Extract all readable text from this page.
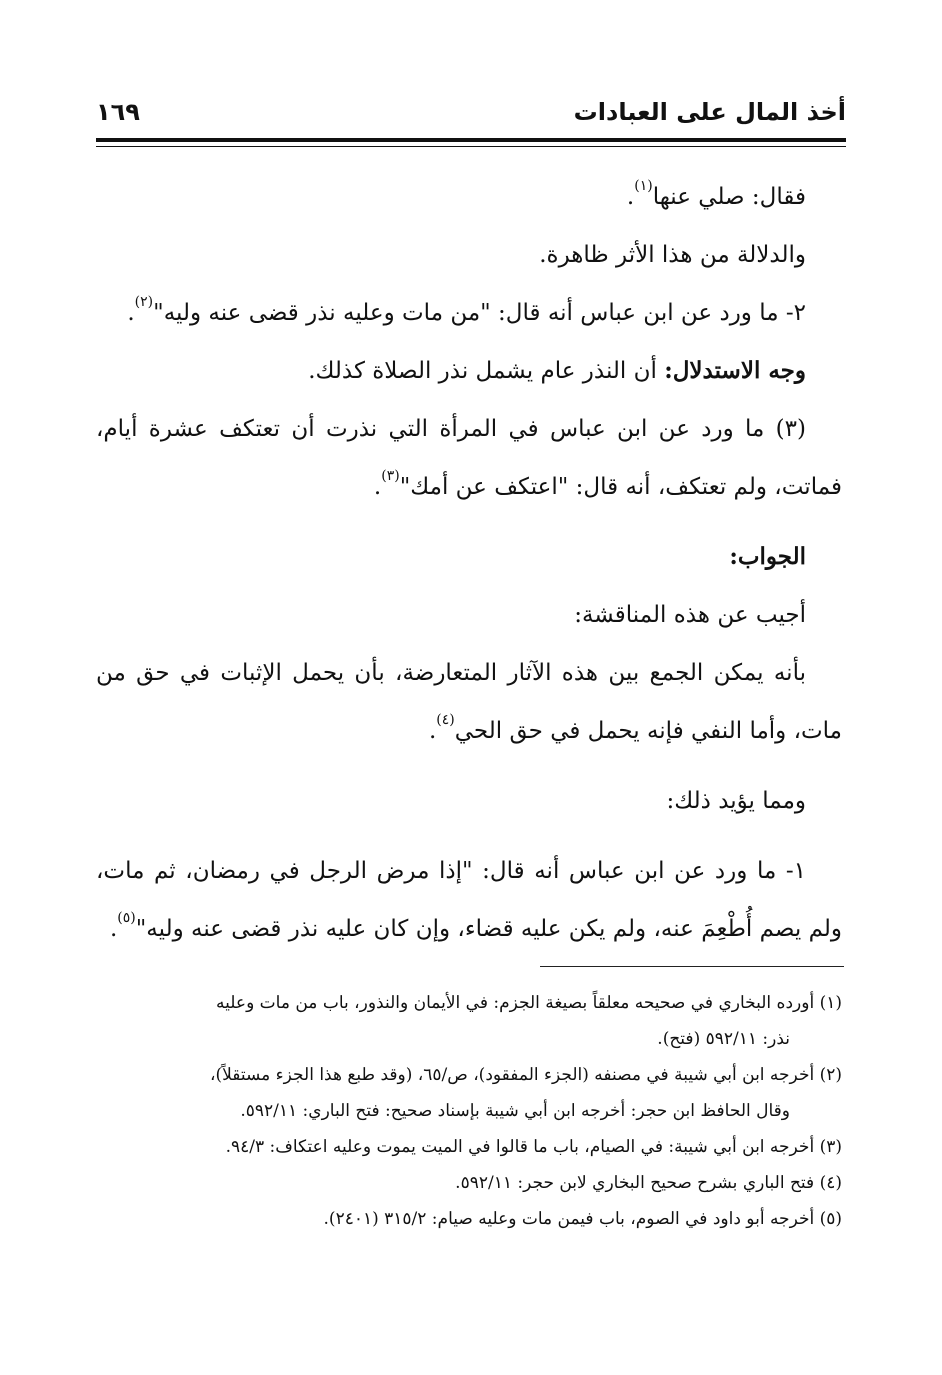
أخذ المال على العبادات
١٦٩

فقال: صلي عنها$^{(١)}$.

والدلالة من هذا الأثر ظاهرة.

٢- ما ورد عن ابن عباس أنه قال: "من مات وعليه نذر قضى عنه وليه"$^{(٢)}$.

وجه الاستدلال: أن النذر عام يشمل نذر الصلاة كذلك.

(٣) ما ورد عن ابن عباس في المرأة التي نذرت أن تعتكف عشرة أيام، فماتت، ولم تعتكف، أنه قال: "اعتكف عن أمك"$^{(٣)}$.

الجواب:

أجيب عن هذه المناقشة:

بأنه يمكن الجمع بين هذه الآثار المتعارضة، بأن يحمل الإثبات في حق من مات، وأما النفي فإنه يحمل في حق الحي$^{(٤)}$.

ومما يؤيد ذلك:

١- ما ورد عن ابن عباس أنه قال: "إذا مرض الرجل في رمضان، ثم مات، ولم يصم أُطْعِمَ عنه، ولم يكن عليه قضاء، وإن كان عليه نذر قضى عنه وليه"$^{(٥)}$.

(١) أورده البخاري في صحيحه معلقاً بصيغة الجزم: في الأيمان والنذور، باب من مات وعليه

نذر: ٥٩٢/١١ (فتح).

(٢) أخرجه ابن أبي شيبة في مصنفه (الجزء المفقود)، ص/٦٥، (وقد طبع هذا الجزء مستقلاً)،

وقال الحافظ ابن حجر: أخرجه ابن أبي شيبة بإسناد صحيح: فتح الباري: ٥٩٢/١١.

(٣) أخرجه ابن أبي شيبة: في الصيام، باب ما قالوا في الميت يموت وعليه اعتكاف: ٩٤/٣.

(٤) فتح الباري بشرح صحيح البخاري لابن حجر: ٥٩٢/١١.

(٥) أخرجه أبو داود في الصوم، باب فيمن مات وعليه صيام: ٣١٥/٢ (٢٤٠١).
